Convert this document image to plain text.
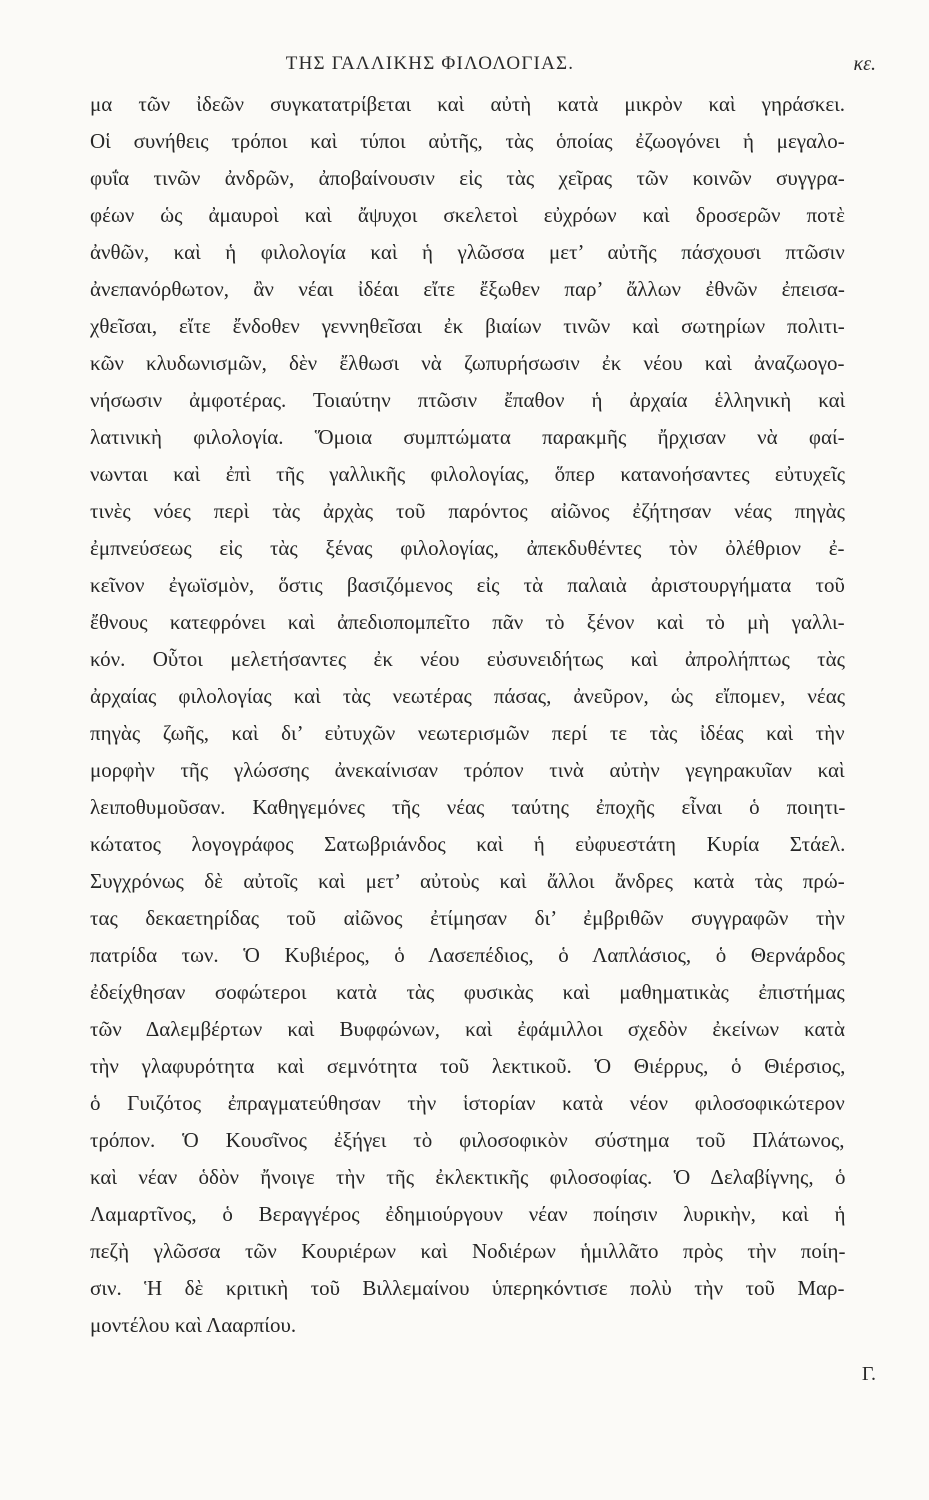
ΤΗΣ ΓΑΛΛΙΚΗΣ ΦΙΛΟΛΟΓΙΑΣ.	κε.
μα τῶν ἰδεῶν συγκατατρίβεται καὶ αὐτὴ κατὰ μικρὸν καὶ γηράσκει.
Οἱ συνήθεις τρόποι καὶ τύποι αὐτῆς, τὰς ὁποίας ἐζωογόνει ἡ μεγαλο-
φυΐα τινῶν ἀνδρῶν, ἀποβαίνουσιν εἰς τὰς χεῖρας τῶν κοινῶν συγγρα-
φέων ὡς ἀμαυροὶ καὶ ἄψυχοι σκελετοὶ εὐχρόων καὶ δροσερῶν ποτὲ
ἀνθῶν, καὶ ἡ φιλολογία καὶ ἡ γλῶσσα μετ’ αὐτῆς πάσχουσι πτῶσιν
ἀνεπανόρθωτον, ἂν νέαι ἰδέαι εἴτε ἔξωθεν παρ’ ἄλλων ἐθνῶν ἐπεισα-
χθεῖσαι, εἴτε ἔνδοθεν γεννηθεῖσαι ἐκ βιαίων τινῶν καὶ σωτηρίων πολιτι-
κῶν κλυδωνισμῶν, δὲν ἔλθωσι νὰ ζωπυρήσωσιν ἐκ νέου καὶ ἀναζωογο-
νήσωσιν ἀμφοτέρας. Τοιαύτην πτῶσιν ἔπαθον ἡ ἀρχαία ἑλληνικὴ καὶ
λατινικὴ φιλολογία. Ὅμοια συμπτώματα παρακμῆς ἤρχισαν νὰ φαί-
νωνται καὶ ἐπὶ τῆς γαλλικῆς φιλολογίας, ὅπερ κατανοήσαντες εὐτυχεῖς
τινὲς νόες περὶ τὰς ἀρχὰς τοῦ παρόντος αἰῶνος ἐζήτησαν νέας πηγὰς
ἐμπνεύσεως εἰς τὰς ξένας φιλολογίας, ἀπεκδυθέντες τὸν ὀλέθριον ἐ-
κεῖνον ἐγωϊσμὸν, ὅστις βασιζόμενος εἰς τὰ παλαιὰ ἀριστουργήματα τοῦ
ἔθνους κατεφρόνει καὶ ἀπεδιοπομπεῖτο πᾶν τὸ ξένον καὶ τὸ μὴ γαλλι-
κόν. Οὗτοι μελετήσαντες ἐκ νέου εὐσυνειδήτως καὶ ἀπρολήπτως τὰς
ἀρχαίας φιλολογίας καὶ τὰς νεωτέρας πάσας, ἀνεῦρον, ὡς εἴπομεν, νέας
πηγὰς ζωῆς, καὶ δι’ εὐτυχῶν νεωτερισμῶν περί τε τὰς ἰδέας καὶ τὴν
μορφὴν τῆς γλώσσης ἀνεκαίνισαν τρόπον τινὰ αὐτὴν γεγηρακυῖαν καὶ
λειποθυμοῦσαν. Καθηγεμόνες τῆς νέας ταύτης ἐποχῆς εἶναι ὁ ποιητι-
κώτατος λογογράφος Σατωβριάνδος καὶ ἡ εὐφυεστάτη Κυρία Στάελ.
Συγχρόνως δὲ αὐτοῖς καὶ μετ’ αὐτοὺς καὶ ἄλλοι ἄνδρες κατὰ τὰς πρώ-
τας δεκαετηρίδας τοῦ αἰῶνος ἐτίμησαν δι’ ἐμβριθῶν συγγραφῶν τὴν
πατρίδα των. Ὁ Κυβιέρος, ὁ Λασεπέδιος, ὁ Λαπλάσιος, ὁ Θερνάρδος
ἐδείχθησαν σοφώτεροι κατὰ τὰς φυσικὰς καὶ μαθηματικὰς ἐπιστήμας
τῶν Δαλεμβέρτων καὶ Βυφφώνων, καὶ ἐφάμιλλοι σχεδὸν ἐκείνων κατὰ
τὴν γλαφυρότητα καὶ σεμνότητα τοῦ λεκτικοῦ. Ὁ Θιέρρυς, ὁ Θιέρσιος,
ὁ Γυιζότος ἐπραγματεύθησαν τὴν ἱστορίαν κατὰ νέον φιλοσοφικώτερον
τρόπον. Ὁ Κουσῖνος ἐξήγει τὸ φιλοσοφικὸν σύστημα τοῦ Πλάτωνος,
καὶ νέαν ὁδὸν ἤνοιγε τὴν τῆς ἐκλεκτικῆς φιλοσοφίας. Ὁ Δελαβίγνης, ὁ
Λαμαρτῖνος, ὁ Βεραγγέρος ἐδημιούργουν νέαν ποίησιν λυρικὴν, καὶ ἡ
πεζὴ γλῶσσα τῶν Κουριέρων καὶ Νοδιέρων ἡμιλλᾶτο πρὸς τὴν ποίη-
σιν. Ἡ δὲ κριτικὴ τοῦ Βιλλεμαίνου ὑπερηκόντισε πολὺ τὴν τοῦ Μαρ-
μοντέλου καὶ Λααρπίου.
Γ.
